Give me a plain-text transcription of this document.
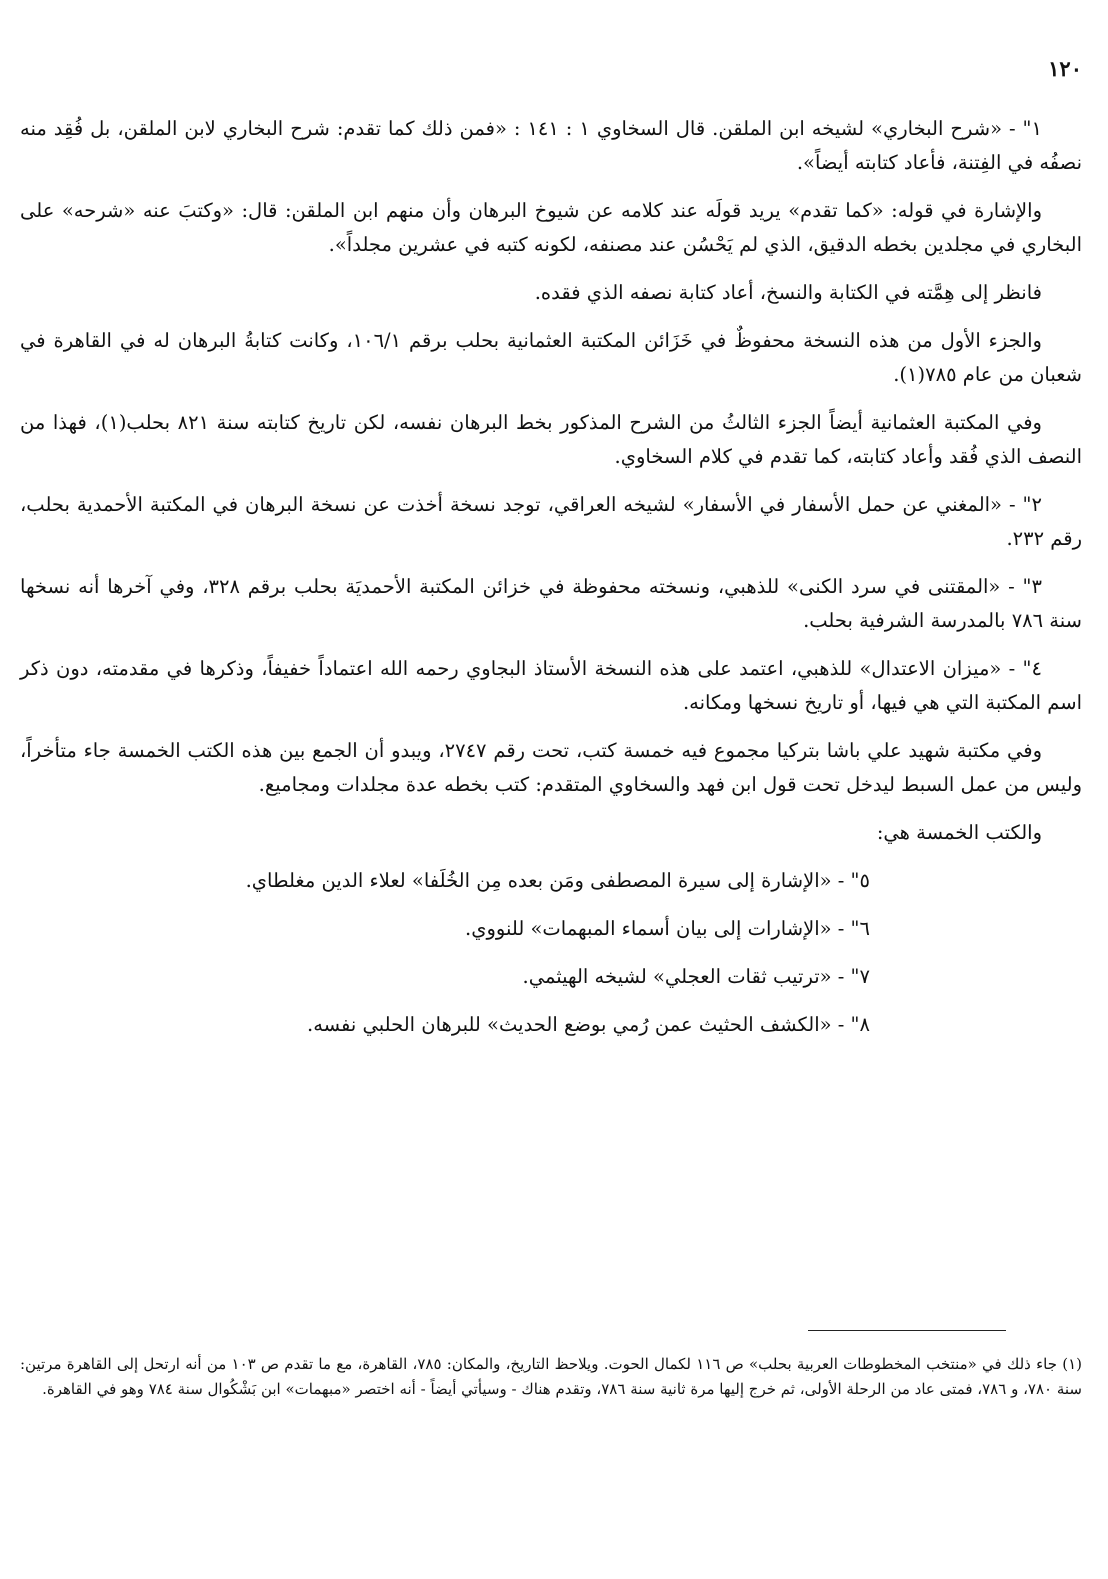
١٢٠

١" - «شرح البخاري» لشيخه ابن الملقن. قال السخاوي ١ : ١٤١ : «فمن ذلك كما تقدم: شرح البخاري لابن الملقن، بل فُقِد منه نصفُه في الفِتنة، فأعاد كتابته أيضاً».

والإشارة في قوله: «كما تقدم» يريد قولَه عند كلامه عن شيوخ البرهان وأن منهم ابن الملقن: قال: «وكتبَ عنه «شرحه» على البخاري في مجلدين بخطه الدقيق، الذي لم يَحْسُن عند مصنفه، لكونه كتبه في عشرين مجلداً».

فانظر إلى هِمَّته في الكتابة والنسخ، أعاد كتابة نصفه الذي فقده.

والجزء الأول من هذه النسخة محفوظٌ في خَزَائن المكتبة العثمانية بحلب برقم ١٠٦/١، وكانت كتابةُ البرهان له في القاهرة في شعبان من عام ٧٨٥(١).

وفي المكتبة العثمانية أيضاً الجزء الثالثُ من الشرح المذكور بخط البرهان نفسه، لكن تاريخ كتابته سنة ٨٢١ بحلب(١)، فهذا من النصف الذي فُقد وأعاد كتابته، كما تقدم في كلام السخاوي.

٢" - «المغني عن حمل الأسفار في الأسفار» لشيخه العراقي، توجد نسخة أخذت عن نسخة البرهان في المكتبة الأحمدية بحلب، رقم ٢٣٢.

٣" - «المقتنى في سرد الكنى» للذهبي، ونسخته محفوظة في خزائن المكتبة الأحمديَة بحلب برقم ٣٢٨، وفي آخرها أنه نسخها سنة ٧٨٦ بالمدرسة الشرفية بحلب.

٤" - «ميزان الاعتدال» للذهبي، اعتمد على هذه النسخة الأستاذ البجاوي رحمه الله اعتماداً خفيفاً، وذكرها في مقدمته، دون ذكر اسم المكتبة التي هي فيها، أو تاريخ نسخها ومكانه.

وفي مكتبة شهيد علي باشا بتركيا مجموع فيه خمسة كتب، تحت رقم ٢٧٤٧، ويبدو أن الجمع بين هذه الكتب الخمسة جاء متأخراً، وليس من عمل السبط ليدخل تحت قول ابن فهد والسخاوي المتقدم: كتب بخطه عدة مجلدات ومجاميع.

والكتب الخمسة هي:

٥" - «الإشارة إلى سيرة المصطفى ومَن بعده مِن الخُلَفا» لعلاء الدين مغلطاي.

٦" - «الإشارات إلى بيان أسماء المبهمات» للنووي.

٧" - «ترتيب ثقات العجلي» لشيخه الهيثمي.

٨" - «الكشف الحثيث عمن رُمي بوضع الحديث» للبرهان الحلبي نفسه.

(١) جاء ذلك في «منتخب المخطوطات العربية بحلب» ص ١١٦ لكمال الحوت. ويلاحظ التاريخ، والمكان: ٧٨٥، القاهرة، مع ما تقدم ص ١٠٣ من أنه ارتحل إلى القاهرة مرتين: سنة ٧٨٠، و ٧٨٦، فمتى عاد من الرحلة الأولى، ثم خرج إليها مرة ثانية سنة ٧٨٦، وتقدم هناك - وسيأتي أيضاً - أنه اختصر «مبهمات» ابن بَشْكُوال سنة ٧٨٤ وهو في القاهرة.
